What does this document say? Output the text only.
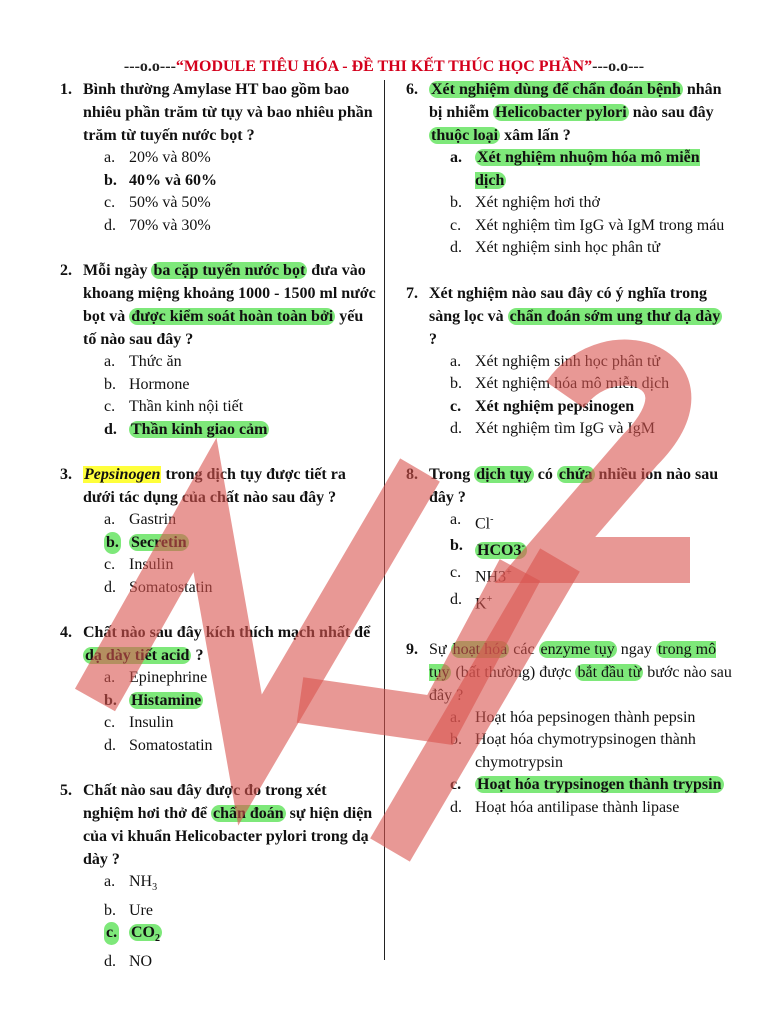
---o.o---“MODULE TIÊU HÓA - ĐỀ THI KẾT THÚC HỌC PHẦN”---o.o---
1. Bình thường Amylase HT bao gồm bao nhiêu phần trăm từ tụy và bao nhiêu phần trăm từ tuyến nước bọt ?
a. 20% và 80%
b. 40% và 60%
c. 50% và 50%
d. 70% và 30%
2. Mỗi ngày ba cặp tuyến nước bọt đưa vào khoang miệng khoảng 1000 - 1500 ml nước bọt và được kiểm soát hoàn toàn bởi yếu tố nào sau đây ?
a. Thức ăn
b. Hormone
c. Thần kinh nội tiết
d. Thần kinh giao cảm
3. Pepsinogen trong dịch tụy được tiết ra dưới tác dụng của chất nào sau đây ?
a. Gastrin
b. Secretin
c. Insulin
d. Somatostatin
4. Chất nào sau đây kích thích mạch nhất để dạ dày tiết acid ?
a. Epinephrine
b. Histamine
c. Insulin
d. Somatostatin
5. Chất nào sau đây được đo trong xét nghiệm hơi thở để chẩn đoán sự hiện diện của vi khuẩn Helicobacter pylori trong dạ dày ?
a. $NH_3$
b. Ure
c. $CO_2$
d. NO
6. Xét nghiệm dùng để chẩn đoán bệnh nhân bị nhiễm Helicobacter pylori nào sau đây thuộc loại xâm lấn ?
a. Xét nghiệm nhuộm hóa mô miễn dịch
b. Xét nghiệm hơi thở
c. Xét nghiệm tìm IgG và IgM trong máu
d. Xét nghiệm sinh học phân tử
7. Xét nghiệm nào sau đây có ý nghĩa trong sàng lọc và chẩn đoán sớm ung thư dạ dày ?
a. Xét nghiệm sinh học phân tử
b. Xét nghiệm hóa mô miễn dịch
c. Xét nghiệm pepsinogen
d. Xét nghiệm tìm IgG và IgM
8. Trong dịch tụy có chứa nhiều ion nào sau đây ?
a. Cl-
b. HCO3-
c. NH3+
d. K+
9. Sự hoạt hóa các enzyme tụy ngay trong mô tụy (bất thường) được bắt đầu từ bước nào sau đây ?
a. Hoạt hóa pepsinogen thành pepsin
b. Hoạt hóa chymotrypsinogen thành chymotrypsin
c. Hoạt hóa trypsinogen thành trypsin
d. Hoạt hóa antilipase thành lipase
